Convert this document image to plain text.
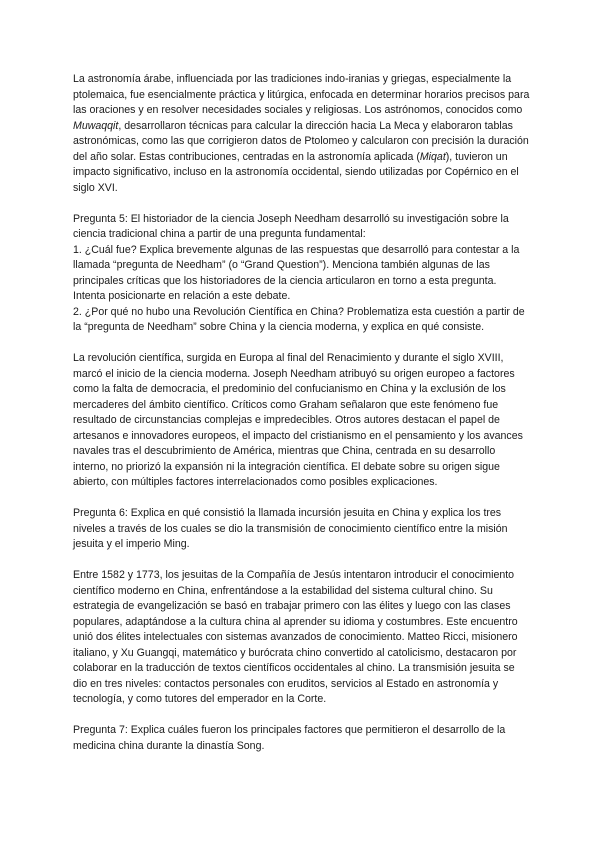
La astronomía árabe, influenciada por las tradiciones indo-iranias y griegas, especialmente la ptolemaica, fue esencialmente práctica y litúrgica, enfocada en determinar horarios precisos para las oraciones y en resolver necesidades sociales y religiosas. Los astrónomos, conocidos como Muwaqqit, desarrollaron técnicas para calcular la dirección hacia La Meca y elaboraron tablas astronómicas, como las que corrigieron datos de Ptolomeo y calcularon con precisión la duración del año solar. Estas contribuciones, centradas en la astronomía aplicada (Miqat), tuvieron un impacto significativo, incluso en la astronomía occidental, siendo utilizadas por Copérnico en el siglo XVI.

Pregunta 5: El historiador de la ciencia Joseph Needham desarrolló su investigación sobre la ciencia tradicional china a partir de una pregunta fundamental:

1. ¿Cuál fue? Explica brevemente algunas de las respuestas que desarrolló para contestar a la llamada “pregunta de Needham” (o “Grand Question”). Menciona también algunas de las principales críticas que los historiadores de la ciencia articularon en torno a esta pregunta. Intenta posicionarte en relación a este debate.

2. ¿Por qué no hubo una Revolución Científica en China? Problematiza esta cuestión a partir de la “pregunta de Needham” sobre China y la ciencia moderna, y explica en qué consiste.

La revolución científica, surgida en Europa al final del Renacimiento y durante el siglo XVIII, marcó el inicio de la ciencia moderna. Joseph Needham atribuyó su origen europeo a factores como la falta de democracia, el predominio del confucianismo en China y la exclusión de los mercaderes del ámbito científico. Críticos como Graham señalaron que este fenómeno fue resultado de circunstancias complejas e impredecibles. Otros autores destacan el papel de artesanos e innovadores europeos, el impacto del cristianismo en el pensamiento y los avances navales tras el descubrimiento de América, mientras que China, centrada en su desarrollo interno, no priorizó la expansión ni la integración científica. El debate sobre su origen sigue abierto, con múltiples factores interrelacionados como posibles explicaciones.

Pregunta 6: Explica en qué consistió la llamada incursión jesuita en China y explica los tres niveles a través de los cuales se dio la transmisión de conocimiento científico entre la misión jesuita y el imperio Ming.

Entre 1582 y 1773, los jesuitas de la Compañía de Jesús intentaron introducir el conocimiento científico moderno en China, enfrentándose a la estabilidad del sistema cultural chino. Su estrategia de evangelización se basó en trabajar primero con las élites y luego con las clases populares, adaptándose a la cultura china al aprender su idioma y costumbres. Este encuentro unió dos élites intelectuales con sistemas avanzados de conocimiento. Matteo Ricci, misionero italiano, y Xu Guangqi, matemático y burócrata chino convertido al catolicismo, destacaron por colaborar en la traducción de textos científicos occidentales al chino. La transmisión jesuita se dio en tres niveles: contactos personales con eruditos, servicios al Estado en astronomía y tecnología, y como tutores del emperador en la Corte.

Pregunta 7: Explica cuáles fueron los principales factores que permitieron el desarrollo de la medicina china durante la dinastía Song.
